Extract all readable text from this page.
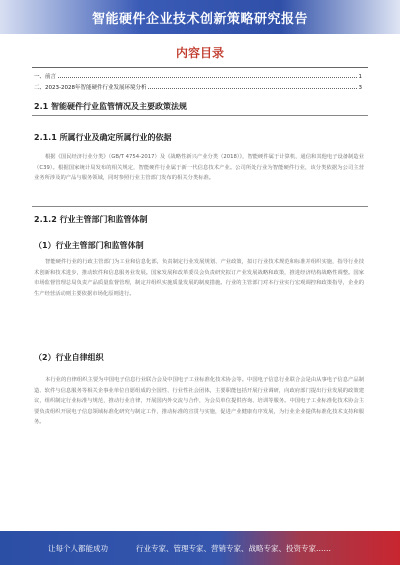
智能硬件企业技术创新策略研究报告
内容目录
一、前言	1
二、2023-2028年智能硬件行业发展环境分析	3
2.1 智能硬件行业监管情况及主要政策法规
2.1.1 所属行业及确定所属行业的依据

根据《国民经济行业分类》（GB/T 4754-2017）及《战略性新兴产业分类（2018）》，智能硬件属于计算机、通信和其他电子设备制造业（C39）。根据国家统计局发布的相关规定，智能硬件行业属于新一代信息技术产业。公司所处行业为智能硬件行业，该分类依据为公司主营业务所涉及的产品与服务领域，同时参照行业主管部门发布的相关分类标准。

2.1.2 行业主管部门和监管体制
（1）行业主管部门和监管体制

智能硬件行业的行政主管部门为工业和信息化部，负责制定行业发展规划、产业政策，拟订行业技术规范和标准并组织实施，指导行业技术创新和技术进步，推动软件和信息服务业发展。国家发展和改革委员会负责研究拟订产业发展战略和政策，推进经济结构战略性调整。国家市场监督管理总局负责产品质量监督管理，制定并组织实施质量发展的制度措施。行业的主管部门对本行业实行宏观调控和政策指导，企业的生产经营活动则主要依据市场化原则进行。

（2）行业自律组织

本行业的自律组织主要为中国电子信息行业联合会及中国电子工业标准化技术协会等。中国电子信息行业联合会是由从事电子信息产品制造、软件与信息服务等相关企事业单位自愿组成的全国性、行业性社会团体，主要职能包括开展行业调研，向政府部门提出行业发展的政策建议，组织制定行业标准与规范，推动行业自律，开展国内外交流与合作，为会员单位提供咨询、培训等服务。中国电子工业标准化技术协会主要负责组织开展电子信息领域标准化研究与制定工作，推动标准的宣贯与实施，促进产业健康有序发展，为行业企业提供标准化技术支持和服务。

让每个人都能成功	行业专家、管理专家、营销专家、战略专家、投资专家……
